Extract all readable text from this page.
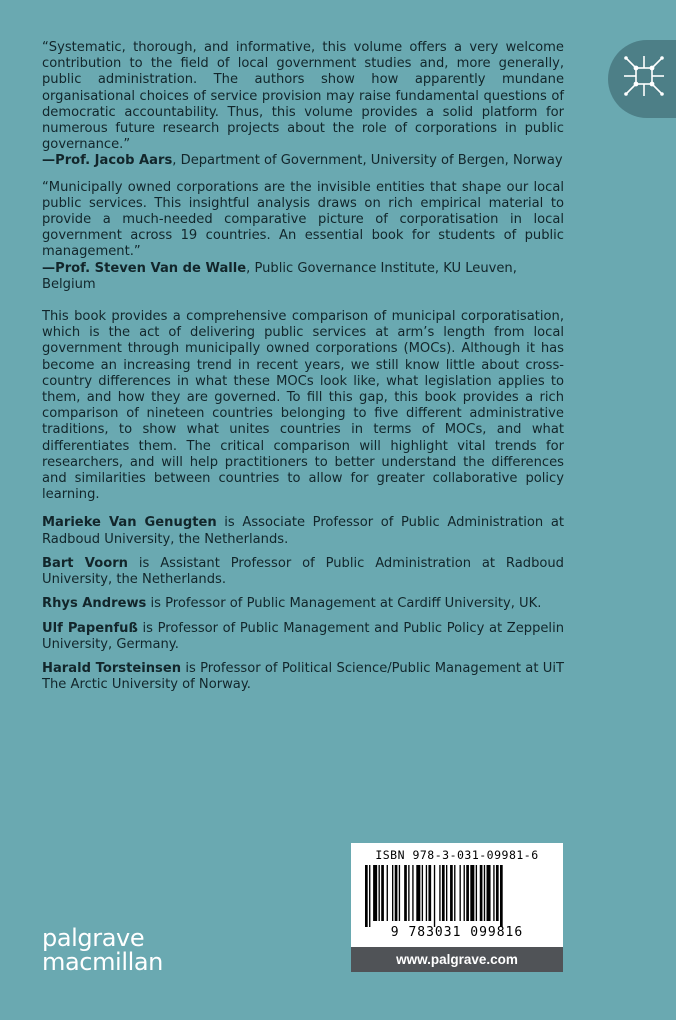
“Systematic, thorough, and informative, this volume offers a very welcome contribution to the field of local government studies and, more generally, public administration. The authors show how apparently mundane organisational choices of service provision may raise fundamental questions of democratic accountability. Thus, this volume provides a solid platform for numerous future research projects about the role of corporations in public governance.”

—Prof. Jacob Aars, Department of Government, University of Bergen, Norway

“Municipally owned corporations are the invisible entities that shape our local public services. This insightful analysis draws on rich empirical material to provide a much-needed comparative picture of corporatisation in local government across 19 countries. An essential book for students of public management.”

—Prof. Steven Van de Walle, Public Governance Institute, KU Leuven, Belgium

This book provides a comprehensive comparison of municipal corporatisation, which is the act of delivering public services at arm’s length from local government through municipally owned corporations (MOCs). Although it has become an increasing trend in recent years, we still know little about cross-country differences in what these MOCs look like, what legislation applies to them, and how they are governed. To fill this gap, this book provides a rich comparison of nineteen countries belonging to five different administrative traditions, to show what unites countries in terms of MOCs, and what differentiates them. The critical comparison will highlight vital trends for researchers, and will help practitioners to better understand the differences and similarities between countries to allow for greater collaborative policy learning.

Marieke Van Genugten is Associate Professor of Public Administration at Radboud University, the Netherlands.

Bart Voorn is Assistant Professor of Public Administration at Radboud University, the Netherlands.

Rhys Andrews is Professor of Public Management at Cardiff University, UK.

Ulf Papenfuß is Professor of Public Management and Public Policy at Zeppelin University, Germany.

Harald Torsteinsen is Professor of Political Science/Public Management at UiT The Arctic University of Norway.

palgrave
macmillan
ISBN 978-3-031-09981-6
9 783031 099816
www.palgrave.com
